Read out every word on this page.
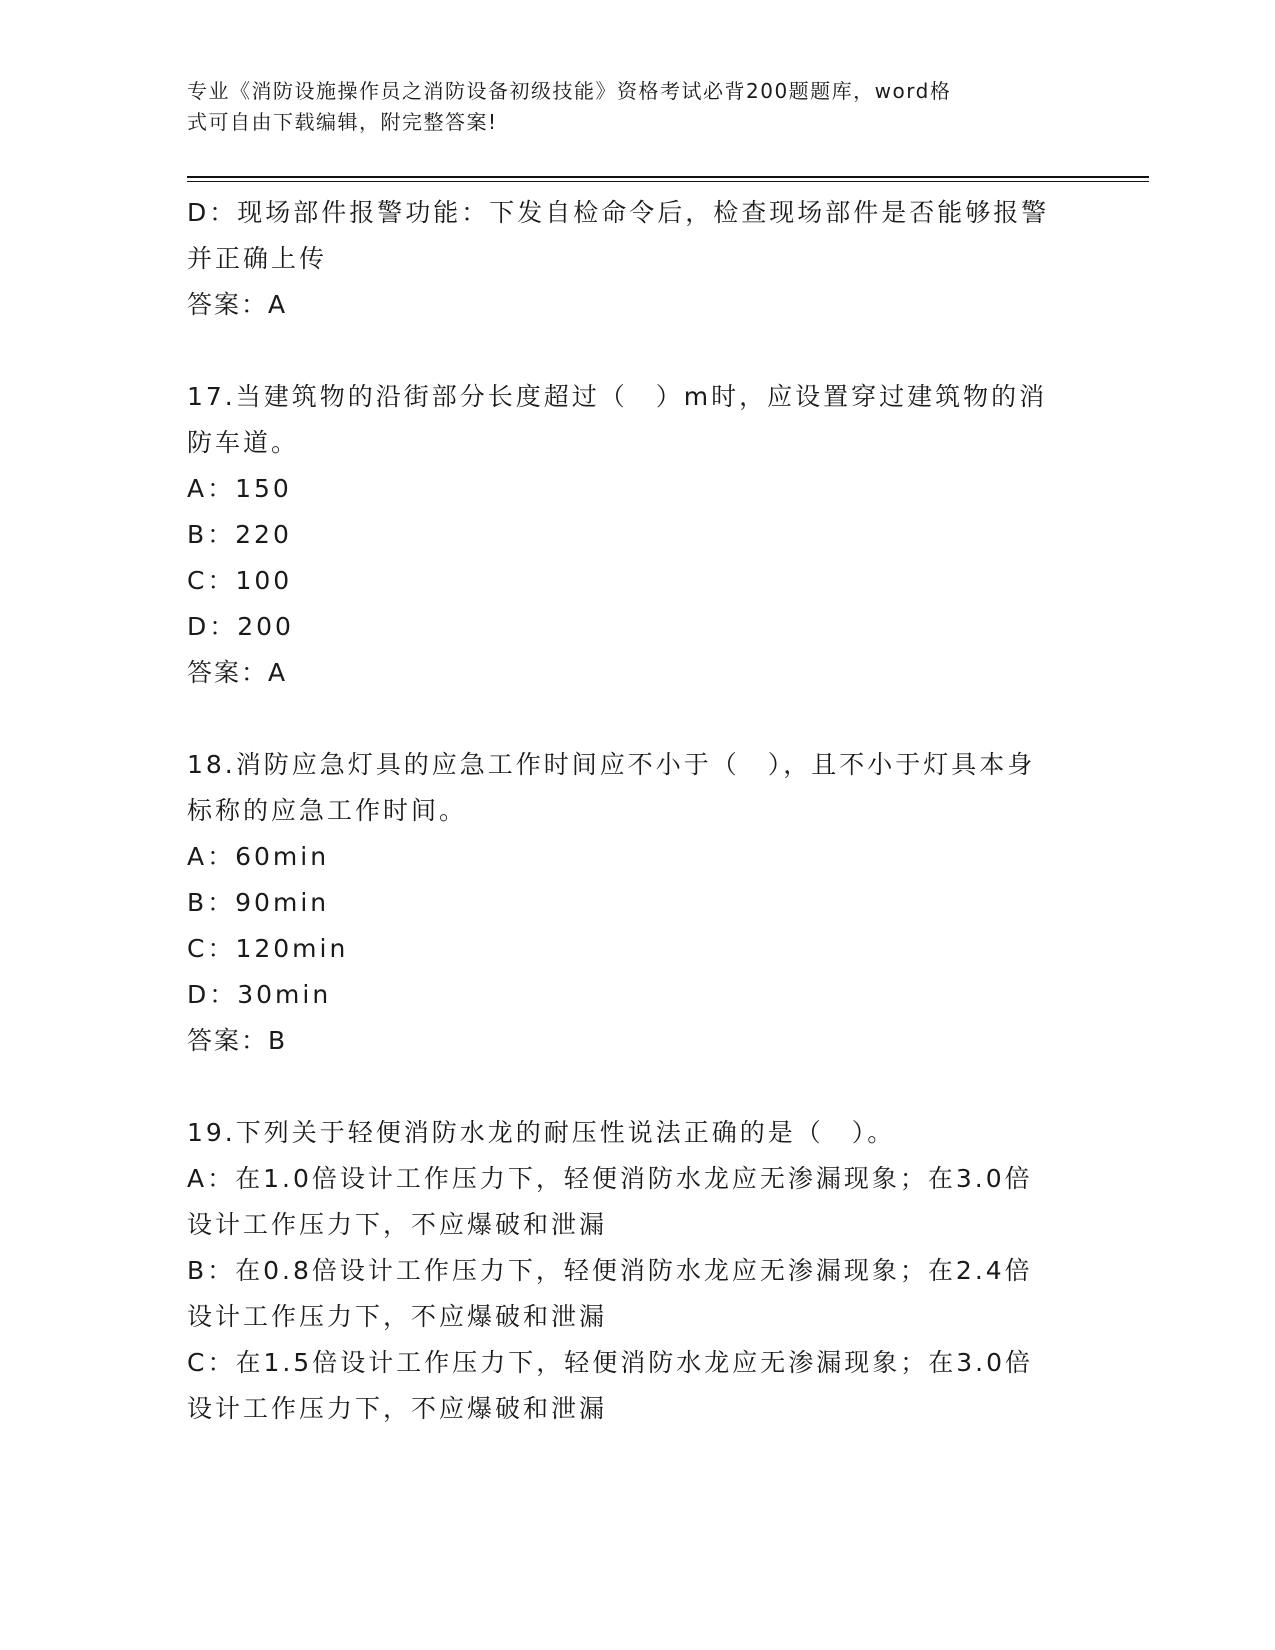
专业《消防设施操作员之消防设备初级技能》资格考试必背200题题库，word格
式可自由下载编辑，附完整答案!
D：现场部件报警功能：下发自检命令后，检查现场部件是否能够报警
并正确上传
答案：A
17.当建筑物的沿街部分长度超过（　）m时，应设置穿过建筑物的消
防车道。
A：150
B：220
C：100
D：200
答案：A
18.消防应急灯具的应急工作时间应不小于（　），且不小于灯具本身
标称的应急工作时间。
A：60min
B：90min
C：120min
D：30min
答案：B
19.下列关于轻便消防水龙的耐压性说法正确的是（　）。
A：在1.0倍设计工作压力下，轻便消防水龙应无渗漏现象；在3.0倍
设计工作压力下，不应爆破和泄漏
B：在0.8倍设计工作压力下，轻便消防水龙应无渗漏现象；在2.4倍
设计工作压力下，不应爆破和泄漏
C：在1.5倍设计工作压力下，轻便消防水龙应无渗漏现象；在3.0倍
设计工作压力下，不应爆破和泄漏
